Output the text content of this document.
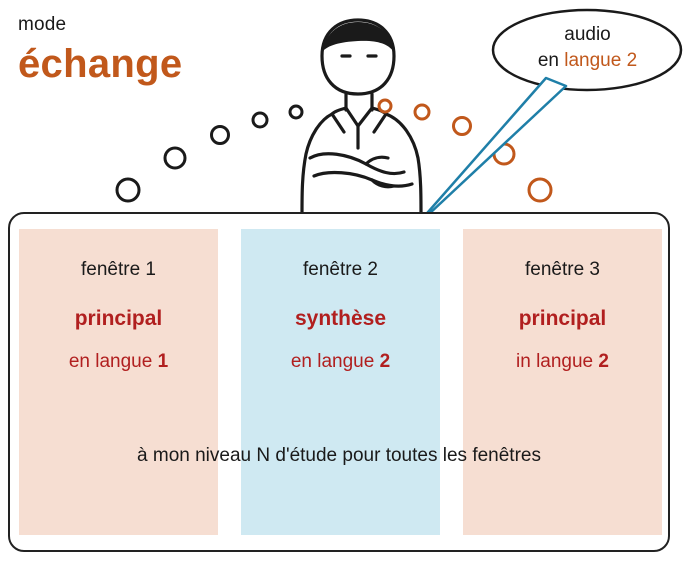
mode
échange
audio
en langue 2
fenêtre 1
principal
en langue 1
fenêtre 2
synthèse
en langue 2
fenêtre 3
principal
in langue 2
à mon niveau N d'étude pour toutes les fenêtres
